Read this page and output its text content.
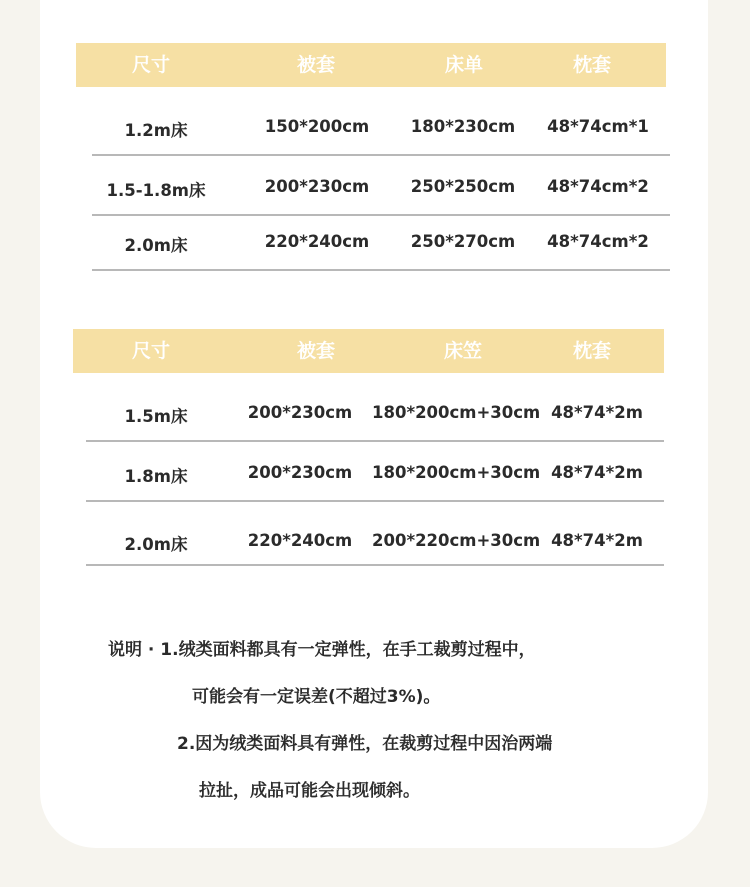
尺寸	被套	床单	枕套
1.2m床	150*200cm	180*230cm	48*74cm*1
1.5-1.8m床	200*230cm	250*250cm	48*74cm*2
2.0m床	220*240cm	250*270cm	48*74cm*2
尺寸	被套	床笠	枕套
1.5m床	200*230cm	180*200cm+30cm 48*74*2m
1.8m床	200*230cm	180*200cm+30cm 48*74*2m
2.0m床	220*240cm	200*220cm+30cm 48*74*2m
说明 · 1.绒类面料都具有一定弹性，在手工裁剪过程中，
可能会有一定误差(不超过3%)。
2.因为绒类面料具有弹性，在裁剪过程中因治两端
拉扯，成品可能会出现倾斜。
